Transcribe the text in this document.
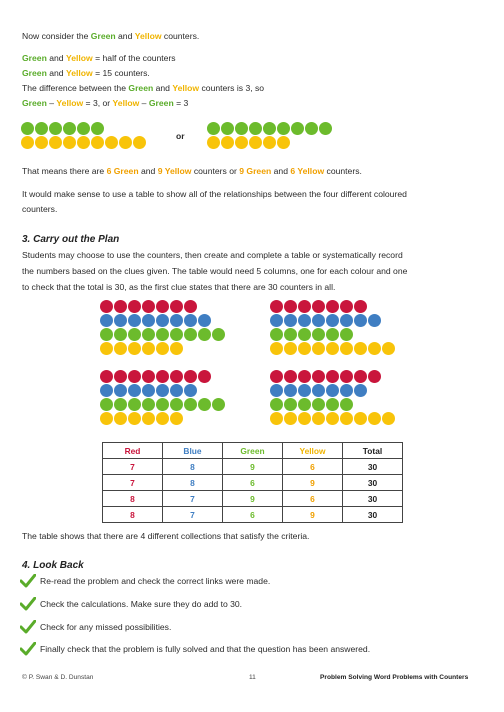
Now consider the Green and Yellow counters.
Green and Yellow = half of the counters
Green and Yellow = 15 counters.
The difference between the Green and Yellow counters is 3, so
Green – Yellow = 3, or Yellow – Green = 3
or
That means there are 6 Green and 9 Yellow counters or 9 Green and 6 Yellow counters.
It would make sense to use a table to show all of the relationships between the four different coloured
counters.
3. Carry out the Plan
Students may choose to use the counters, then create and complete a table or systematically record
the numbers based on the clues given. The table would need 5 columns, one for each colour and one
to check that the total is 30, as the first clue states that there are 30 counters in all.
Red	Blue	Green	Yellow	Total
7	8	9	6	30
7	8	6	9	30
8	7	9	6	30
8	7	6	9	30
The table shows that there are 4 different collections that satisfy the criteria.
4. Look Back
Re-read the problem and check the correct links were made.
Check the calculations. Make sure they do add to 30.
Check for any missed possibilities.
Finally check that the problem is fully solved and that the question has been answered.
© P. Swan & D. Dunstan	11	Problem Solving Word Problems with Counters
